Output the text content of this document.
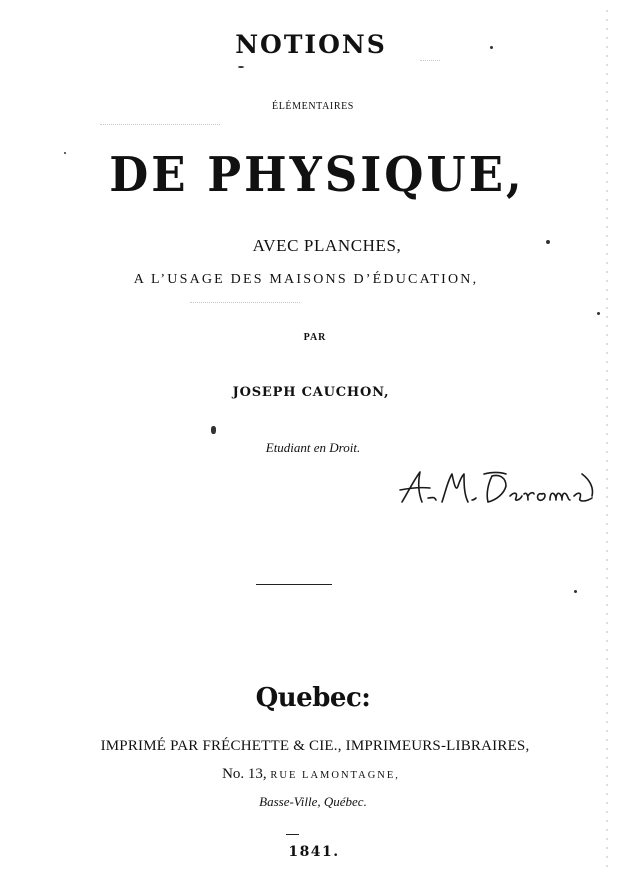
NOTIONS

ÉLÉMENTAIRES

DE PHYSIQUE,

AVEC PLANCHES,

A L’USAGE DES MAISONS D’ÉDUCATION,

PAR

JOSEPH CAUCHON,

Etudiant en Droit.

Quebec:

IMPRIMÉ PAR FRÉCHETTE & CIE., IMPRIMEURS-LIBRAIRES,

No. 13, RUE LAMONTAGNE,

Basse-Ville, Québec.

1841.
